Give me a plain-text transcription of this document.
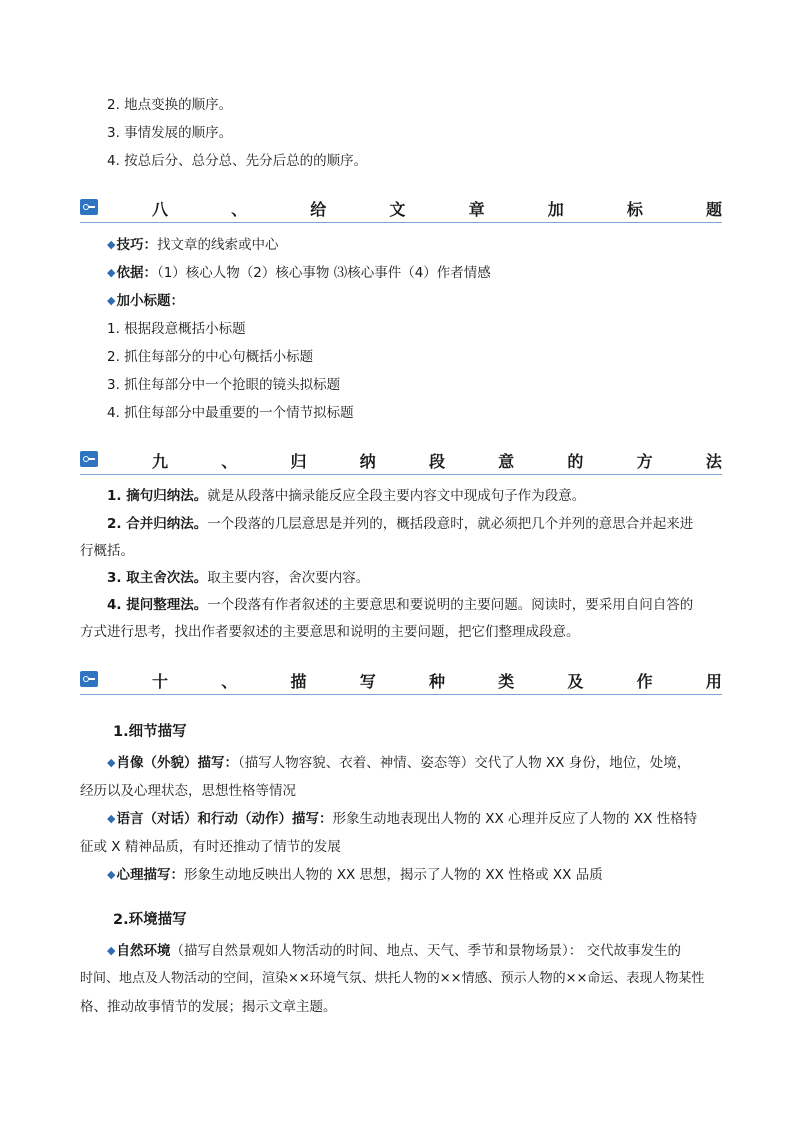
2. 地点变换的顺序。
3. 事情发展的顺序。
4. 按总后分、总分总、先分后总的的顺序。
八	、	给	文	章	加	标	题
◆技巧：找文章的线索或中心
◆依据：（1）核心人物（2）核心事物 ⑶核心事件（4）作者情感
◆加小标题：
1. 根据段意概括小标题
2. 抓住每部分的中心句概括小标题
3. 抓住每部分中一个抢眼的镜头拟标题
4. 抓住每部分中最重要的一个情节拟标题
九	、	归	纳	段	意	的	方	法
1. 摘句归纳法。就是从段落中摘录能反应全段主要内容文中现成句子作为段意。
2. 合并归纳法。一个段落的几层意思是并列的，概括段意时，就必须把几个并列的意思合并起来进
行概括。
3. 取主舍次法。取主要内容，舍次要内容。
4. 提问整理法。一个段落有作者叙述的主要意思和要说明的主要问题。阅读时，要采用自问自答的
方式进行思考，找出作者要叙述的主要意思和说明的主要问题，把它们整理成段意。
十	、	描	写	种	类	及	作	用
1.细节描写
◆肖像（外貌）描写：（描写人物容貌、衣着、神情、姿态等）交代了人物 XX 身份，地位，处境，
经历以及心理状态，思想性格等情况
◆语言（对话）和行动（动作）描写：形象生动地表现出人物的 XX 心理并反应了人物的 XX 性格特
征或 X 精神品质，有时还推动了情节的发展
◆心理描写：形象生动地反映出人物的 XX 思想，揭示了人物的 XX 性格或 XX 品质
2.环境描写
◆自然环境（描写自然景观如人物活动的时间、地点、天气、季节和景物场景）： 交代故事发生的
时间、地点及人物活动的空间，渲染××环境气氛、烘托人物的××情感、预示人物的××命运、表现人物某性
格、推动故事情节的发展；揭示文章主题。
